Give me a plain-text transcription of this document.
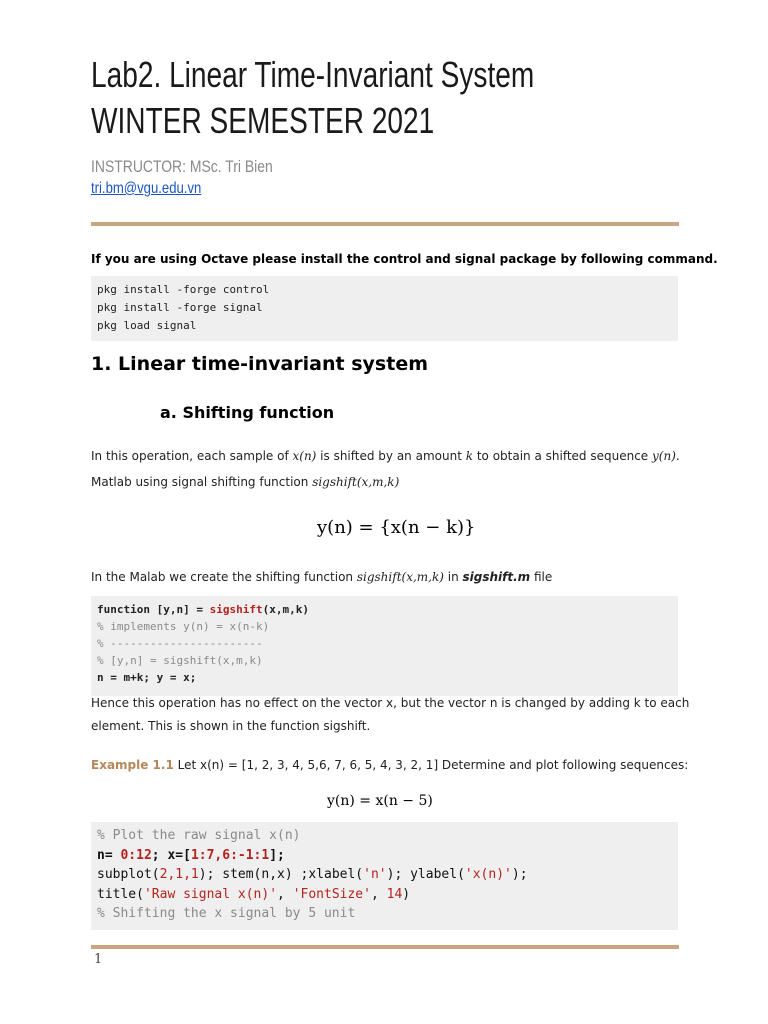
Lab2. Linear Time-Invariant System
WINTER SEMESTER 2021
INSTRUCTOR: MSc. Tri Bien
tri.bm@vgu.edu.vn
If you are using Octave please install the control and signal package by following command.
pkg install -forge control
pkg install -forge signal
pkg load signal
1. Linear time-invariant system
a. Shifting function
In this operation, each sample of x(n) is shifted by an amount k to obtain a shifted sequence y(n).
Matlab using signal shifting function sigshift(x,m,k)
y(n) = {x(n − k)}
In the Malab we create the shifting function sigshift(x,m,k) in sigshift.m file
function [y,n] = sigshift(x,m,k)
% implements y(n) = x(n-k)
% -----------------------
% [y,n] = sigshift(x,m,k)
n = m+k; y = x;
Hence this operation has no effect on the vector x, but the vector n is changed by adding k to each
element. This is shown in the function sigshift.
Example 1.1 Let x(n) = [1, 2, 3, 4, 5,6, 7, 6, 5, 4, 3, 2, 1] Determine and plot following sequences:
y(n) = x(n − 5)
% Plot the raw signal x(n)
n= 0:12; x=[1:7,6:-1:1];
subplot(2,1,1); stem(n,x) ;xlabel('n'); ylabel('x(n)');
title('Raw signal x(n)', 'FontSize', 14)
% Shifting the x signal by 5 unit
1
